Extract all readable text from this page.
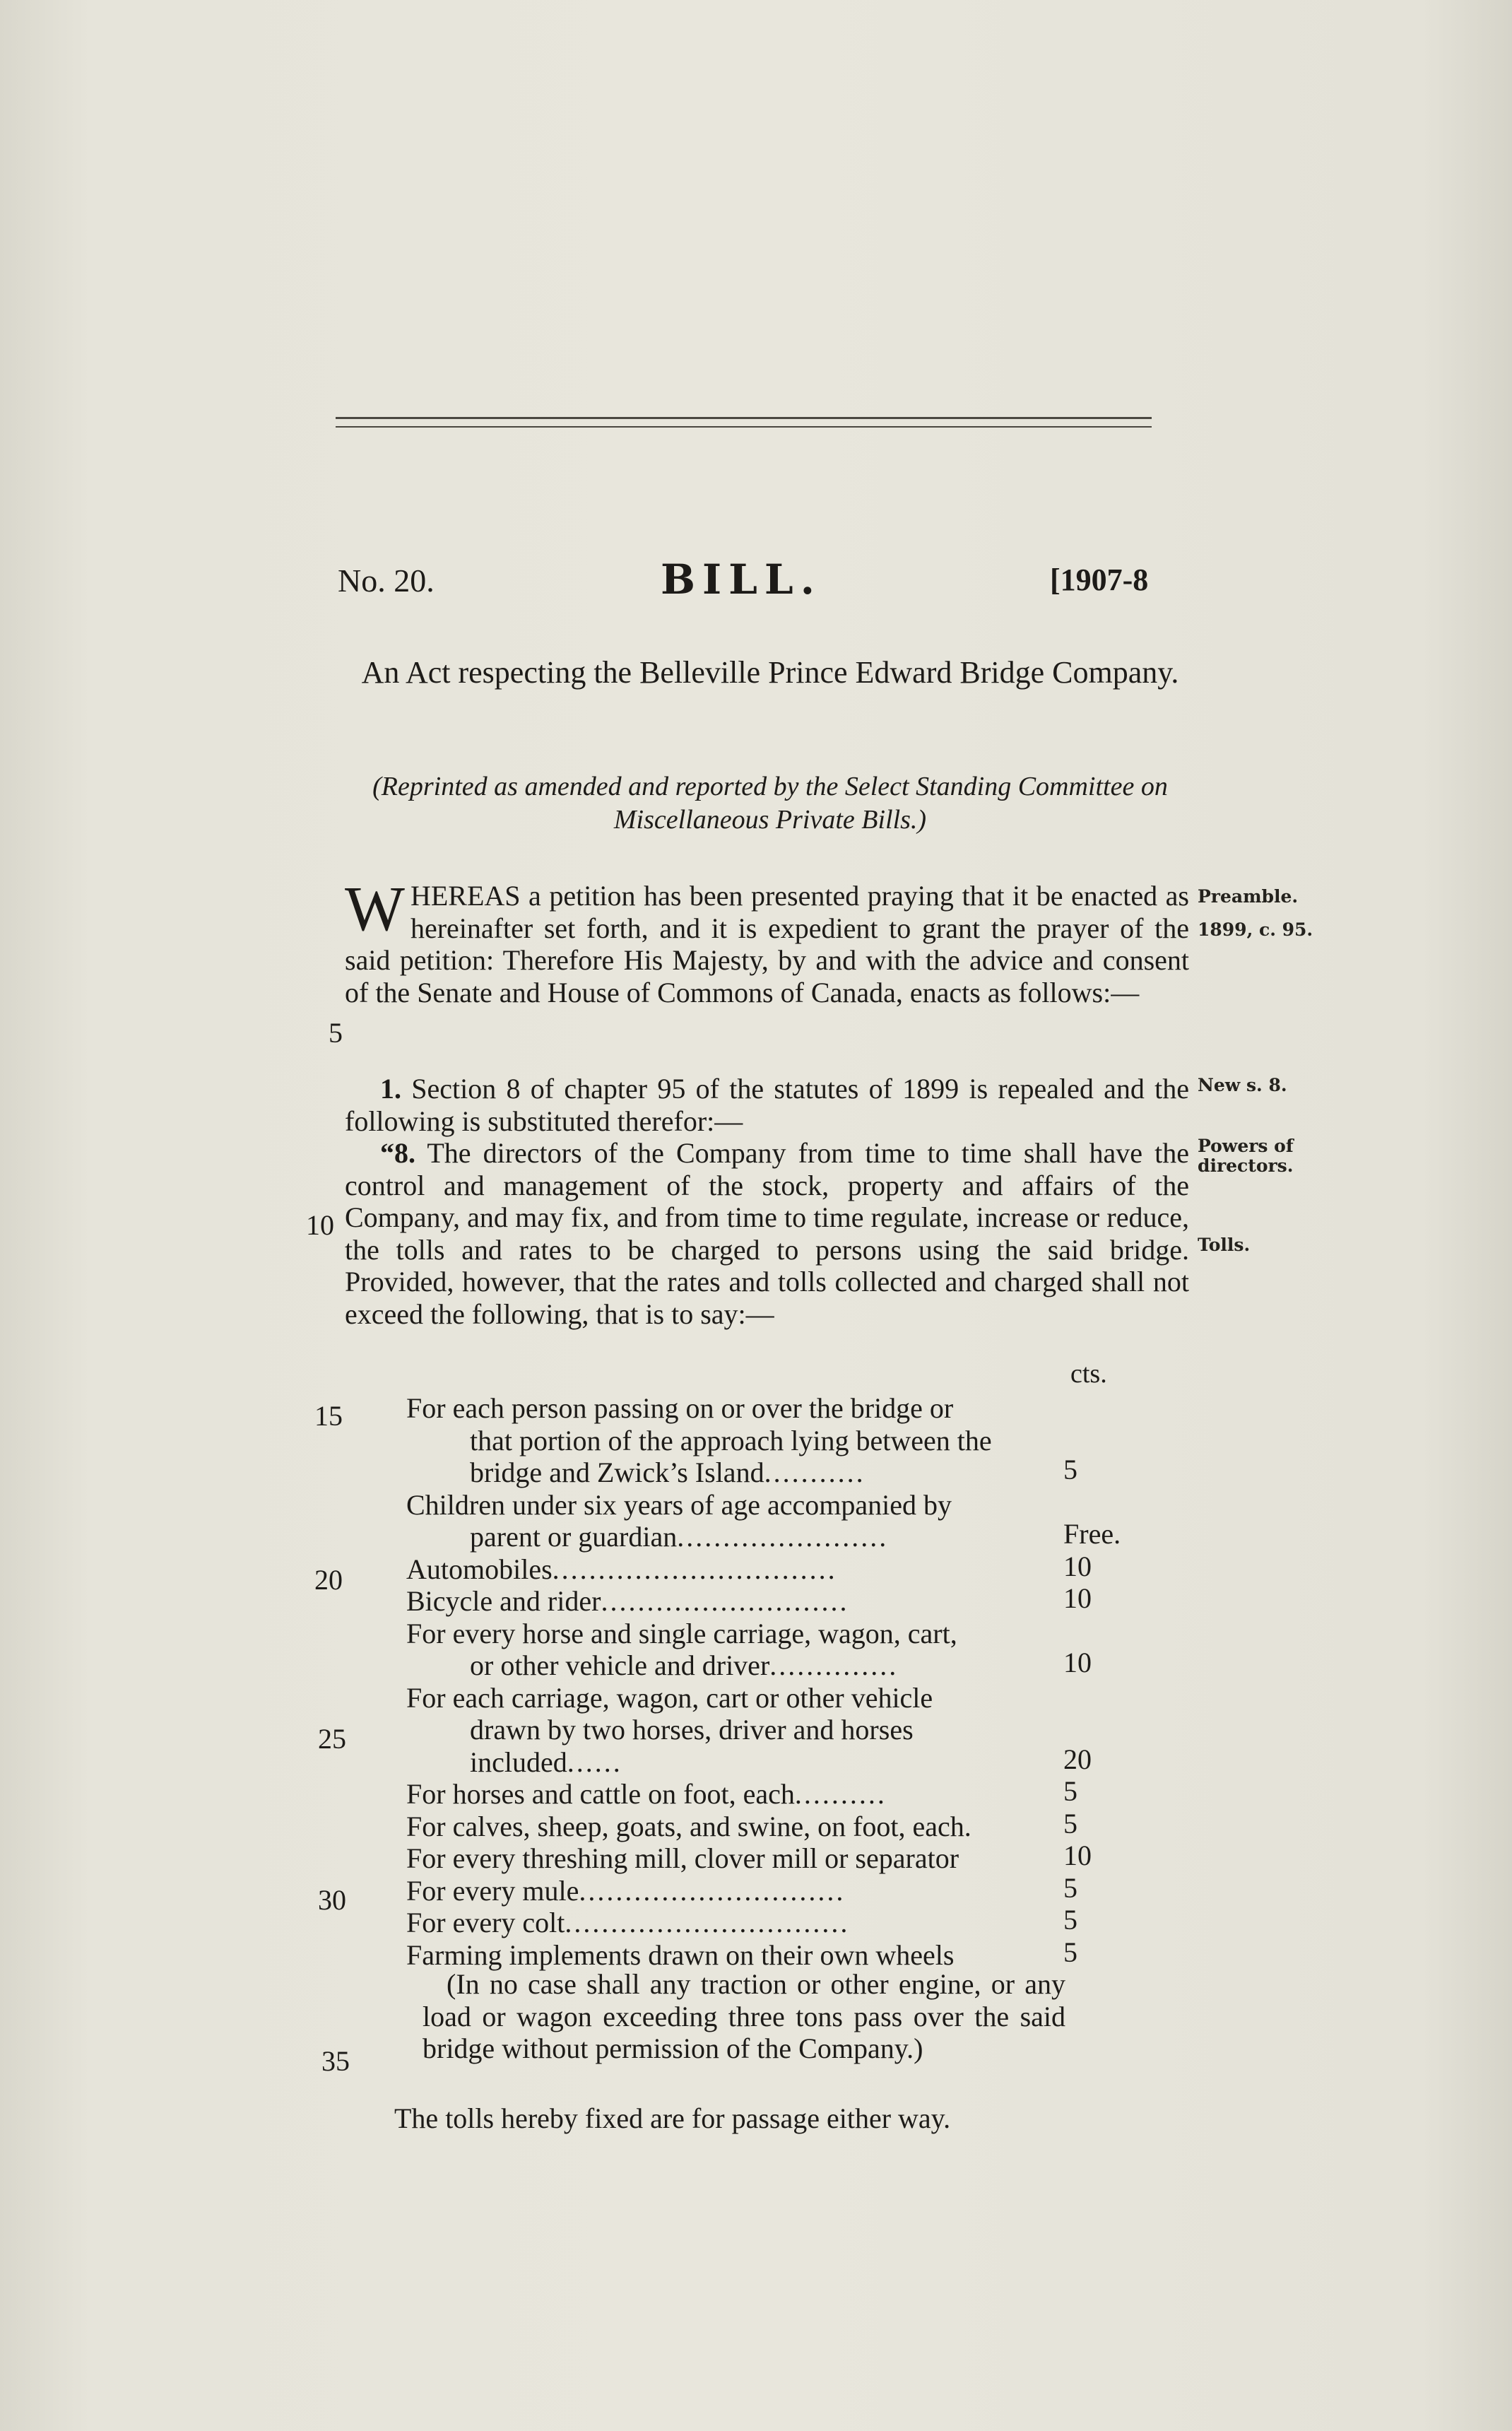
No. 20.	BILL.	[1907-8
An Act respecting the Belleville Prince Edward Bridge Company.
(Reprinted as amended and reported by the Select Standing Committee on Miscellaneous Private Bills.)
WHEREAS a petition has been presented praying that it be enacted as hereinafter set forth, and it is expedient to grant the prayer of the said petition: Therefore His Majesty, by and with the advice and consent of the Senate and House of Commons of Canada, enacts as follows:—
Preamble.
1899, c. 95.
New s. 8.
Powers of directors.
Tolls.

1. Section 8 of chapter 95 of the statutes of 1899 is repealed and the following is substituted therefor:—

“8. The directors of the Company from time to time shall have the control and management of the stock, property and affairs of the Company, and may fix, and from time to time regulate, increase or reduce, the tolls and rates to be charged to persons using the said bridge. Provided, however, that the rates and tolls collected and charged shall not exceed the following, that is to say:—

5
10
15
20
25
30
35
cts.
For each person passing on or over the bridge or
that portion of the approach lying between the bridge and Zwick’s Island...........	5
Children under six years of age accompanied by
parent or guardian.......................	Free.
Automobiles...............................	10
Bicycle and rider...........................	10
For every horse and single carriage, wagon, cart,
or other vehicle and driver..............	10
For each carriage, wagon, cart or other vehicle
drawn by two horses, driver and horses included......	20
For horses and cattle on foot, each..........	5
For calves, sheep, goats, and swine, on foot, each.	5
For every threshing mill, clover mill or separator	10
For every mule.............................	5
For every colt...............................	5
Farming implements drawn on their own wheels	5
(In no case shall any traction or other engine, or any load or wagon exceeding three tons pass over the said bridge without permission of the Company.)
The tolls hereby fixed are for passage either way.
